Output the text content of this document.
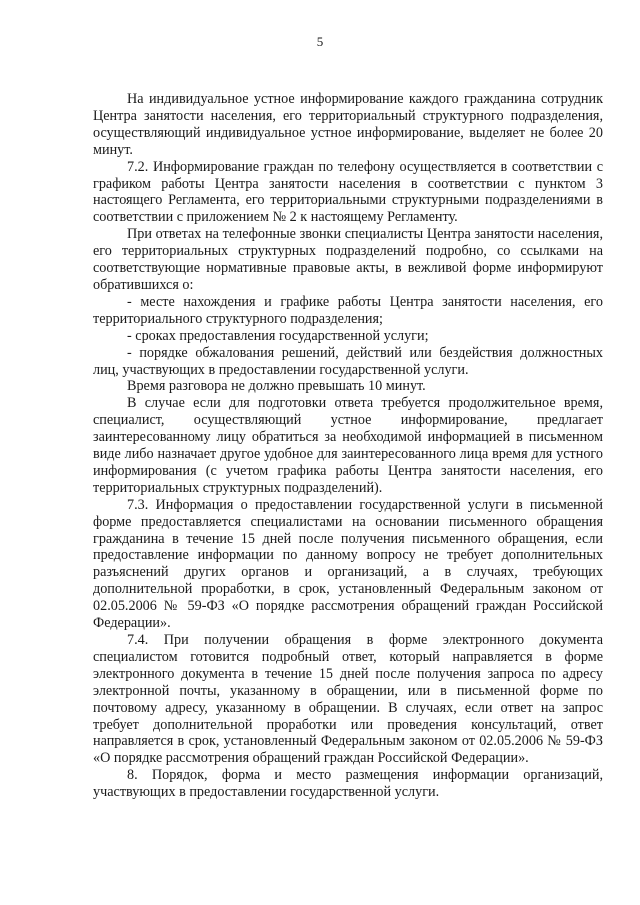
5

На индивидуальное устное информирование каждого гражданина сотрудник Центра занятости населения, его территориальный структурного подразделения, осуществляющий индивидуальное устное информирование, выделяет не более 20 минут.

7.2. Информирование граждан по телефону осуществляется в соответствии с графиком работы Центра занятости населения в соответствии с пунктом 3 настоящего Регламента, его территориальными структурными подразделениями в соответствии с приложением № 2 к настоящему Регламенту.

При ответах на телефонные звонки специалисты Центра занятости населения, его территориальных структурных подразделений подробно, со ссылками на соответствующие нормативные правовые акты, в вежливой форме информируют обратившихся о:

- месте нахождения и графике работы Центра занятости населения, его территориального структурного подразделения;

- сроках предоставления государственной услуги;

- порядке обжалования решений, действий или бездействия должностных лиц, участвующих в предоставлении государственной услуги.

Время разговора не должно превышать 10 минут.

В случае если для подготовки ответа требуется продолжительное время, специалист, осуществляющий устное информирование, предлагает заинтересованному лицу обратиться за необходимой информацией в письменном виде либо назначает другое удобное для заинтересованного лица время для устного информирования (с учетом графика работы Центра занятости населения, его территориальных структурных подразделений).

7.3. Информация о предоставлении государственной услуги в письменной форме предоставляется специалистами на основании письменного обращения гражданина в течение 15 дней после получения письменного обращения, если предоставление информации по данному вопросу не требует дополнительных разъяснений других органов и организаций, а в случаях, требующих дополнительной проработки, в срок, установленный Федеральным законом от 02.05.2006 № 59-ФЗ «О порядке рассмотрения обращений граждан Российской Федерации».

7.4. При получении обращения в форме электронного документа специалистом готовится подробный ответ, который направляется в форме электронного документа в течение 15 дней после получения запроса по адресу электронной почты, указанному в обращении, или в письменной форме по почтовому адресу, указанному в обращении. В случаях, если ответ на запрос требует дополнительной проработки или проведения консультаций, ответ направляется в срок, установленный Федеральным законом от 02.05.2006 № 59-ФЗ «О порядке рассмотрения обращений граждан Российской Федерации».

8. Порядок, форма и место размещения информации организаций, участвующих в предоставлении государственной услуги.
